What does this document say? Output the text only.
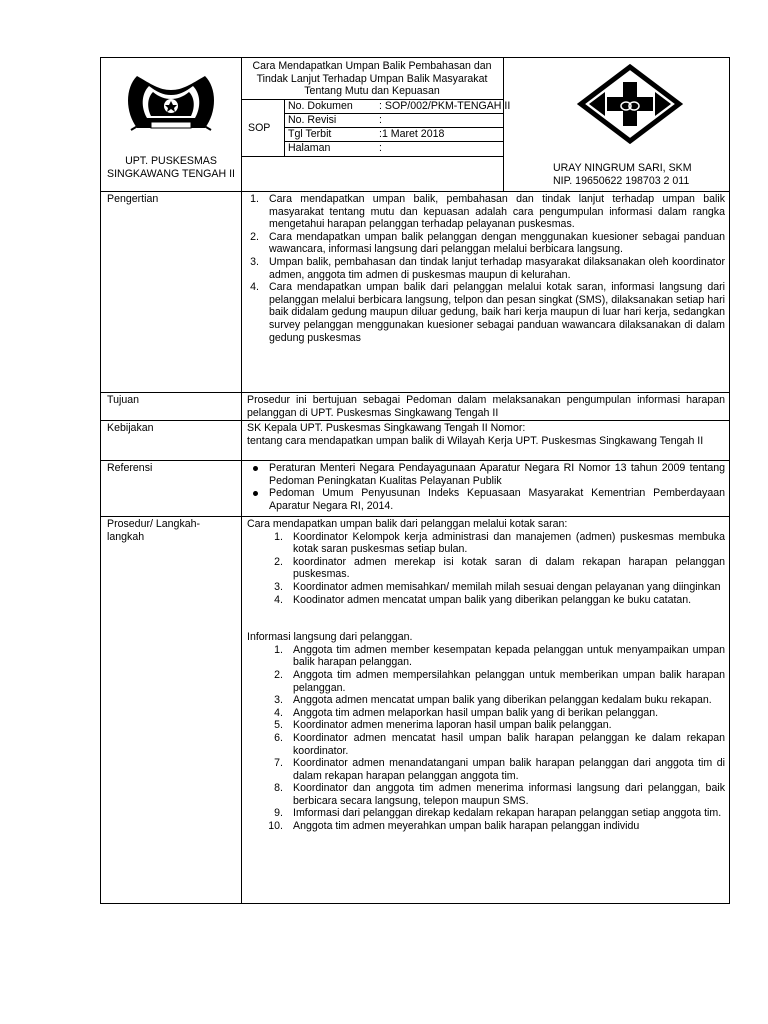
Cara Mendapatkan Umpan Balik Pembahasan dan Tindak Lanjut Terhadap Umpan Balik Masyarakat Tentang Mutu dan Kepuasan
SOP
No. Dokumen	: SOP/002/PKM-TENGAH II
No. Revisi	:
Tgl Terbit	:1 Maret 2018
Halaman	:
UPT. PUSKESMAS SINGKAWANG TENGAH II	URAY NINGRUM SARI, SKM
NIP. 19650622 198703 2 011
Pengertian	1. Cara mendapatkan umpan balik, pembahasan dan tindak lanjut terhadap umpan balik masyarakat tentang mutu dan kepuasan adalah cara pengumpulan informasi dalam rangka mengetahui harapan pelanggan terhadap pelayanan puskesmas.
2. Cara mendapatkan umpan balik pelanggan dengan menggunakan kuesioner sebagai panduan wawancara, informasi langsung dari pelanggan melalui berbicara langsung.
3. Umpan balik, pembahasan dan tindak lanjut terhadap masyarakat dilaksanakan oleh koordinator admen, anggota tim admen di puskesmas maupun di kelurahan.
4. Cara mendapatkan umpan balik dari pelanggan melalui kotak saran, informasi langsung dari pelanggan melalui berbicara langsung, telpon dan pesan singkat (SMS), dilaksanakan setiap hari baik didalam gedung maupun diluar gedung, baik hari kerja maupun di luar hari kerja, sedangkan survey pelanggan menggunakan kuesioner sebagai panduan wawancara dilaksanakan di dalam gedung puskesmas
Tujuan	Prosedur ini bertujuan sebagai Pedoman dalam melaksanakan pengumpulan informasi harapan pelanggan di UPT. Puskesmas Singkawang Tengah II
Kebijakan	SK Kepala UPT. Puskesmas Singkawang Tengah II Nomor:
tentang cara mendapatkan umpan balik di Wilayah Kerja UPT. Puskesmas Singkawang Tengah II
Referensi	Peraturan Menteri Negara Pendayagunaan Aparatur Negara RI Nomor 13 tahun 2009 tentang Pedoman Peningkatan Kualitas Pelayanan Publik
Pedoman Umum Penyusunan Indeks Kepuasaan Masyarakat Kementrian Pemberdayaan Aparatur Negara RI, 2014.
Prosedur/ Langkah-langkah
Cara mendapatkan umpan balik dari pelanggan melalui kotak saran:
1. Koordinator Kelompok kerja administrasi dan manajemen (admen) puskesmas membuka kotak saran puskesmas setiap bulan.
2. koordinator admen merekap isi kotak saran di dalam rekapan harapan pelanggan puskesmas.
3. Koordinator admen memisahkan/ memilah milah sesuai dengan pelayanan yang diinginkan
4. Koodinator admen mencatat umpan balik yang diberikan pelanggan ke buku catatan.
Informasi langsung dari pelanggan.
1. Anggota tim admen member kesempatan kepada pelanggan untuk menyampaikan umpan balik harapan pelanggan.
2. Anggota tim admen mempersilahkan pelanggan untuk memberikan umpan balik harapan pelanggan.
3. Anggota admen mencatat umpan balik yang diberikan pelanggan kedalam buku rekapan.
4. Anggota tim admen melaporkan hasil umpan balik yang di berikan pelanggan.
5. Koordinator admen menerima laporan hasil umpan balik pelanggan.
6. Koordinator admen mencatat hasil umpan balik harapan pelanggan ke dalam rekapan koordinator.
7. Koordinator admen menandatangani umpan balik harapan pelanggan dari anggota tim di dalam rekapan harapan pelanggan anggota tim.
8. Koordinator dan anggota tim admen menerima informasi langsung dari pelanggan, baik berbicara secara langsung, telepon maupun SMS.
9. Imformasi dari pelanggan direkap kedalam rekapan harapan pelanggan setiap anggota tim.
10. Anggota tim admen meyerahkan umpan balik harapan pelanggan individu
